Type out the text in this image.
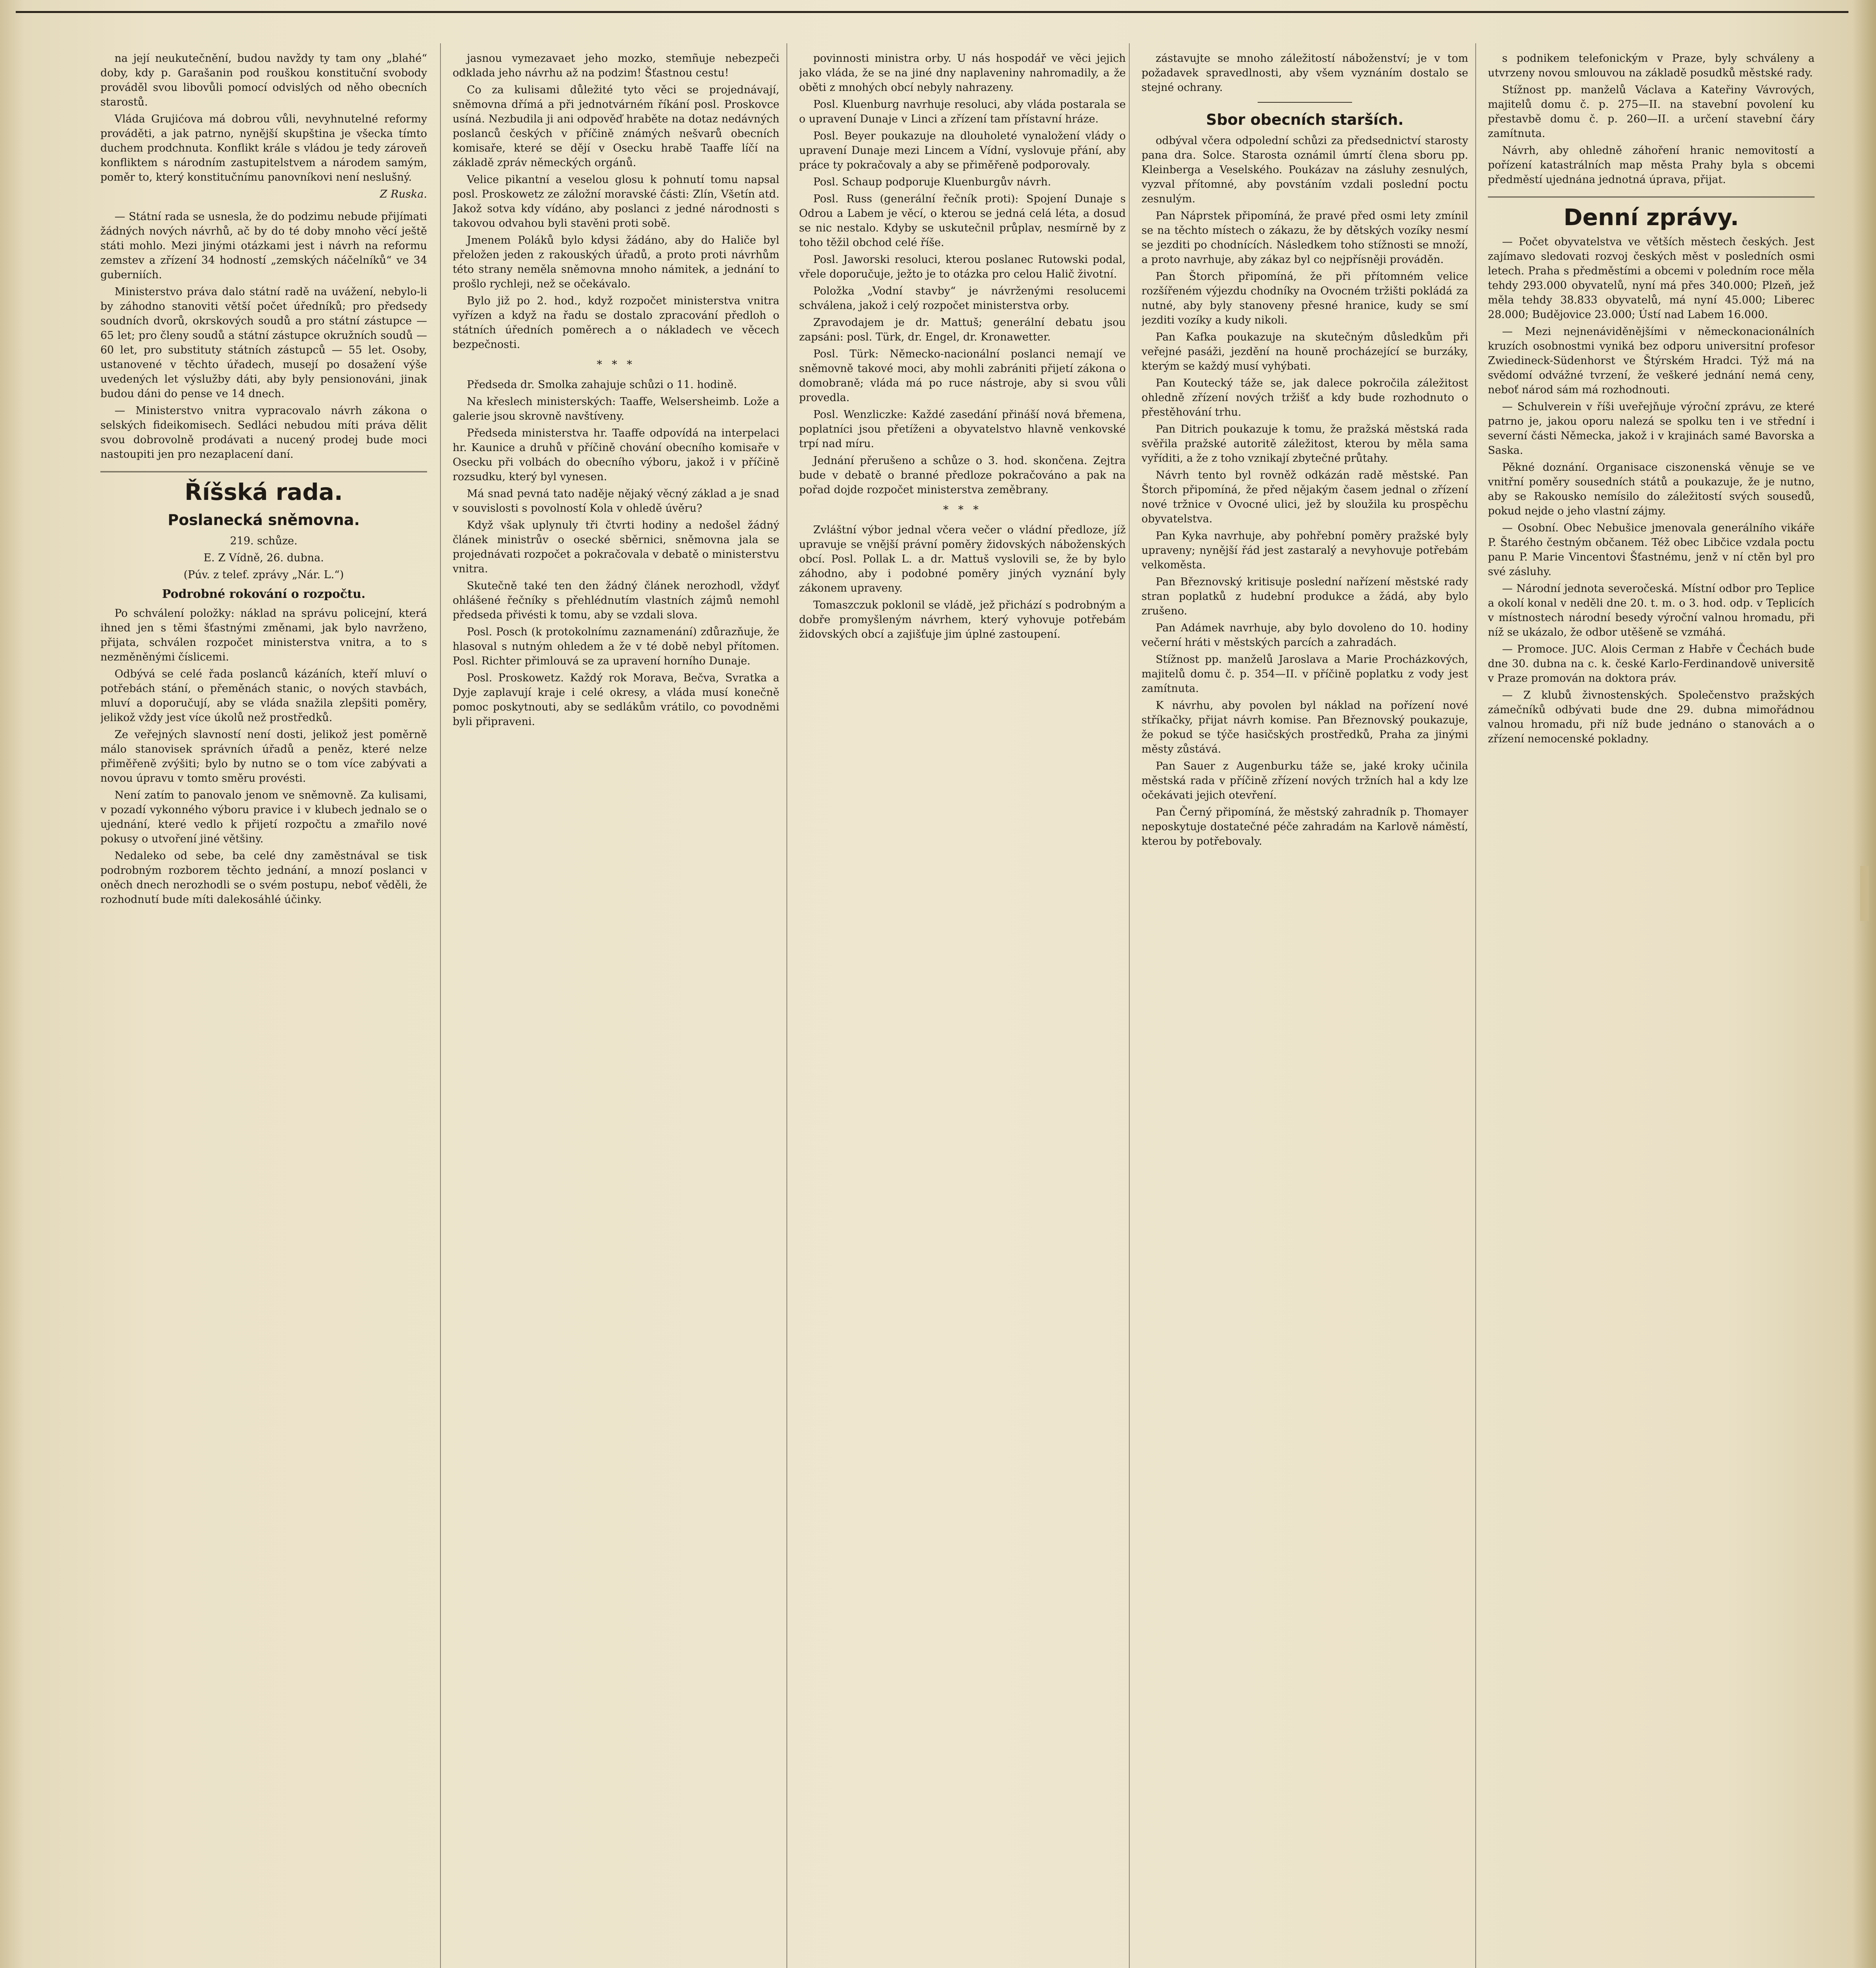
na její neukutečnění, budou navždy ty tam ony „blahé“ doby, kdy p. Garašanin pod rouškou konstituční svobody prováděl svou libovůli pomocí odvislých od něho obecních starostů.

Vláda Grujićova má dobrou vůli, nevyhnutelné reformy prováděti, a jak patrno, nynější skupština je všecka tímto duchem prodchnuta. Konflikt krále s vládou je tedy zároveň konfliktem s národním zastupitelstvem a národem samým, poměr to, který konstitučnímu panovníkovi není neslušný.

Z Ruska.

— Státní rada se usnesla, že do podzimu nebude přijímati žádných nových návrhů, ač by do té doby mnoho věcí ještě státi mohlo. Mezi jinými otázkami jest i návrh na reformu zemstev a zřízení 34 hodností „zemských náčelníků“ ve 34 guberniích.

Ministerstvo práva dalo státní radě na uvážení, nebylo-li by záhodno stanoviti větší počet úředníků; pro předsedy soudních dvorů, okrskových soudů a pro státní zástupce — 65 let; pro členy soudů a státní zástupce okružních soudů — 60 let, pro substituty státních zástupců — 55 let. Osoby, ustanovené v těchto úřadech, musejí po dosažení výše uvedených let výslužby dáti, aby byly pensionováni, jinak budou dáni do pense ve 14 dnech.

— Ministerstvo vnitra vypracovalo návrh zákona o selských fideikomisech. Sedláci nebudou míti práva dělit svou dobrovolně prodávati a nucený prodej bude moci nastoupiti jen pro nezaplacení daní.

Říšská rada.
Poslanecká sněmovna.
219. schůze.
E. Z Vídně, 26. dubna.
(Púv. z telef. zprávy „Nár. L.“)
Podrobné rokování o rozpočtu.

Po schválení položky: náklad na správu policejní, která ihned jen s těmi šťastnými změnami, jak bylo navrženo, přijata, schválen rozpočet ministerstva vnitra, a to s nezměněnými číslicemi.

Odbývá se celé řada poslanců kázáních, kteří mluví o potřebách stání, o přeměnách stanic, o nových stavbách, mluví a doporučují, aby se vláda snažila zlepšiti poměry, jelikož vždy jest více úkolů než prostředků.

Ze veřejných slavností není dosti, jelikož jest poměrně málo stanovisek správních úřadů a peněz, které nelze přiměřeně zvýšiti; bylo by nutno se o tom více zabývati a novou úpravu v tomto směru provésti.

Není zatím to panovalo jenom ve sněmovně. Za kulisami, v pozadí vykonného výboru pravice i v klubech jednalo se o ujednání, které vedlo k přijetí rozpočtu a zmařilo nové pokusy o utvoření jiné většiny.

Nedaleko od sebe, ba celé dny zaměstnával se tisk podrobným rozborem těchto jednání, a mnozí poslanci v oněch dnech nerozhodli se o svém postupu, neboť věděli, že rozhodnutí bude míti dalekosáhlé účinky.

jasnou vymezavaet jeho mozko, stemñuje nebezpeči odklada jeho návrhu až na podzim! Šťastnou cestu!

Co za kulisami důležité tyto věci se projednávají, sněmovna dřímá a při jednotvárném říkání posl. Proskovce usíná. Nezbudila ji ani odpověď hraběte na dotaz nedávných poslanců českých v příčině známých nešvarů obecních komisaře, které se dějí v Osecku hrabě Taaffe líčí na základě zpráv německých orgánů.

Velice pikantní a veselou glosu k pohnutí tomu napsal posl. Proskowetz ze záložní moravské části: Zlín, Všetín atd. Jakož sotva kdy vídáno, aby poslanci z jedné národnosti s takovou odvahou byli stavěni proti sobě.

Jmenem Poláků bylo kdysi žádáno, aby do Haliče byl přeložen jeden z rakouských úřadů, a proto proti návrhům této strany neměla sněmovna mnoho námitek, a jednání to prošlo rychleji, než se očekávalo.

Bylo již po 2. hod., když rozpočet ministerstva vnitra vyřízen a když na řadu se dostalo zpracování předloh o státních úředních poměrech a o nákladech ve věcech bezpečnosti.

* * *

Předseda dr. Smolka zahajuje schůzi o 11. hodině.

Na křeslech ministerských: Taaffe, Welsersheimb. Lože a galerie jsou skrovně navštíveny.

Předseda ministerstva hr. Taaffe odpovídá na interpelaci hr. Kaunice a druhů v příčině chování obecního komisaře v Osecku při volbách do obecního výboru, jakož i v příčině rozsudku, který byl vynesen.

Má snad pevná tato naděje nějaký věcný základ a je snad v souvislosti s povolností Kola v ohledě úvěru?

Když však uplynuly tři čtvrti hodiny a nedošel žádný článek ministrův o osecké sběrnici, sněmovna jala se projednávati rozpočet a pokračovala v debatě o ministerstvu vnitra.

Skutečně také ten den žádný článek nerozhodl, vždyť ohlášené řečníky s přehlédnutím vlastních zájmů nemohl předseda přivésti k tomu, aby se vzdali slova.

Posl. Posch (k protokolnímu zaznamenání) zdůrazňuje, že hlasoval s nutným ohledem a že v té době nebyl přítomen. Posl. Richter přimlouvá se za upravení horního Dunaje.

Posl. Proskowetz. Každý rok Morava, Bečva, Svratka a Dyje zaplavují kraje i celé okresy, a vláda musí konečně pomoc poskytnouti, aby se sedlákům vrátilo, co povodněmi byli připraveni.

povinnosti ministra orby. U nás hospodář ve věci jejich jako vláda, že se na jiné dny naplaveniny nahromadily, a že oběti z mnohých obcí nebyly nahrazeny.

Posl. Kluenburg navrhuje resoluci, aby vláda postarala se o upravení Dunaje v Linci a zřízení tam přístavní hráze.

Posl. Beyer poukazuje na dlouholeté vynaložení vlády o upravení Dunaje mezi Lincem a Vídní, vyslovuje přání, aby práce ty pokračovaly a aby se přiměřeně podporovaly.

Posl. Schaup podporuje Kluenburgův návrh.

Posl. Russ (generální řečník proti): Spojení Dunaje s Odrou a Labem je věcí, o kterou se jedná celá léta, a dosud se nic nestalo. Kdyby se uskutečnil průplav, nesmírně by z toho těžil obchod celé říše.

Posl. Jaworski resoluci, kterou poslanec Rutowski podal, vřele doporučuje, ježto je to otázka pro celou Halič životní.

Položka „Vodní stavby“ je návrženými resolucemi schválena, jakož i celý rozpočet ministerstva orby.

Zpravodajem je dr. Mattuš; generální debatu jsou zapsáni: posl. Türk, dr. Engel, dr. Kronawetter.

Posl. Türk: Německo-nacionální poslanci nemají ve sněmovně takové moci, aby mohli zabrániti přijetí zákona o domobraně; vláda má po ruce nástroje, aby si svou vůli provedla.

Posl. Wenzliczke: Každé zasedání přináší nová břemena, poplatníci jsou přetíženi a obyvatelstvo hlavně venkovské trpí nad míru.

Jednání přerušeno a schůze o 3. hod. skončena. Zejtra bude v debatě o branné předloze pokračováno a pak na pořad dojde rozpočet ministerstva zeměbrany.

* * *

Zvláštní výbor jednal včera večer o vládní předloze, jíž upravuje se vnější právní poměry židovských náboženských obcí. Posl. Pollak L. a dr. Mattuš vyslovili se, že by bylo záhodno, aby i podobné poměry jiných vyznání byly zákonem upraveny.

Tomaszczuk poklonil se vládě, jež přichází s podrobným a dobře promyšleným návrhem, který vyhovuje potřebám židovských obcí a zajišťuje jim úplné zastoupení.

zástavujte se mnoho záležitostí náboženství; je v tom požadavek spravedlnosti, aby všem vyznáním dostalo se stejné ochrany.

Sbor obecních starších.

odbýval včera odpolední schůzi za předsednictví starosty pana dra. Solce. Starosta oznámil úmrtí člena sboru pp. Kleinberga a Veselského. Poukázav na zásluhy zesnulých, vyzval přítomné, aby povstáním vzdali poslední poctu zesnulým.

Pan Náprstek připomíná, že pravé před osmi lety zmínil se na těchto místech o zákazu, že by dětských vozíky nesmí se jezditi po chodnících. Následkem toho stížnosti se množí, a proto navrhuje, aby zákaz byl co nejpřísněji prováděn.

Pan Štorch připomíná, že při přítomném velice rozšířeném výjezdu chodníky na Ovocném tržišti pokládá za nutné, aby byly stanoveny přesné hranice, kudy se smí jezditi vozíky a kudy nikoli.

Pan Kafka poukazuje na skutečným důsledkům při veřejné pasáži, jezdění na houně procházející se burzáky, kterým se každý musí vyhýbati.

Pan Koutecký táže se, jak dalece pokročila záležitost ohledně zřízení nových tržišť a kdy bude rozhodnuto o přestěhování trhu.

Pan Ditrich poukazuje k tomu, že pražská městská rada svěřila pražské autoritě záležitost, kterou by měla sama vyříditi, a že z toho vznikají zbytečné průtahy.

Návrh tento byl rovněž odkázán radě městské. Pan Štorch připomíná, že před nějakým časem jednal o zřízení nové tržnice v Ovocné ulici, jež by sloužila ku prospěchu obyvatelstva.

Pan Kyka navrhuje, aby pohřební poměry pražské byly upraveny; nynější řád jest zastaralý a nevyhovuje potřebám velkoměsta.

Pan Březnovský kritisuje poslední nařízení městské rady stran poplatků z hudební produkce a žádá, aby bylo zrušeno.

Pan Adámek navrhuje, aby bylo dovoleno do 10. hodiny večerní hráti v městských parcích a zahradách.

Stížnost pp. manželů Jaroslava a Marie Procházkových, majitelů domu č. p. 354—II. v příčině poplatku z vody jest zamítnuta.

K návrhu, aby povolen byl náklad na pořízení nové stříkačky, přijat návrh komise. Pan Březnovský poukazuje, že pokud se týče hasičských prostředků, Praha za jinými městy zůstává.

Pan Sauer z Augenburku táže se, jaké kroky učinila městská rada v příčině zřízení nových tržních hal a kdy lze očekávati jejich otevření.

Pan Černý připomíná, že městský zahradník p. Thomayer neposkytuje dostatečné péče zahradám na Karlově náměstí, kterou by potřebovaly.

s podnikem telefonickým v Praze, byly schváleny a utvrzeny novou smlouvou na základě posudků městské rady.

Stížnost pp. manželů Václava a Kateřiny Vávrových, majitelů domu č. p. 275—II. na stavební povolení ku přestavbě domu č. p. 260—II. a určení stavební čáry zamítnuta.

Návrh, aby ohledně záhoření hranic nemovitostí a pořízení katastrálních map města Prahy byla s obcemi předměstí ujednána jednotná úprava, přijat.

Denní zprávy.

— Počet obyvatelstva ve větších městech českých. Jest zajímavo sledovati rozvoj českých měst v posledních osmi letech. Praha s předměstími a obcemi v poledním roce měla tehdy 293.000 obyvatelů, nyní má přes 340.000; Plzeň, jež měla tehdy 38.833 obyvatelů, má nyní 45.000; Liberec 28.000; Budějovice 23.000; Ústí nad Labem 16.000.

— Mezi nejnenáviděnějšími v německonacionálních kruzích osobnostmi vyniká bez odporu universitní profesor Zwiedineck-Südenhorst ve Štýrském Hradci. Týž má na svědomí odvážné tvrzení, že veškeré jednání nemá ceny, neboť národ sám má rozhodnouti.

— Schulverein v říši uveřejňuje výroční zprávu, ze které patrno je, jakou oporu nalezá se spolku ten i ve střední i severní části Německa, jakož i v krajinách samé Bavorska a Saska.

Pěkné doznání. Organisace ciszonenská věnuje se ve vnitřní poměry sousedních států a poukazuje, že je nutno, aby se Rakousko nemísilo do záležitostí svých sousedů, pokud nejde o jeho vlastní zájmy.

— Osobní. Obec Nebušice jmenovala generálního vikáře P. Štarého čestným občanem. Též obec Libčice vzdala poctu panu P. Marie Vincentovi Šťastnému, jenž v ní ctěn byl pro své zásluhy.

— Národní jednota severočeská. Místní odbor pro Teplice a okolí konal v neděli dne 20. t. m. o 3. hod. odp. v Teplicích v místnostech národní besedy výroční valnou hromadu, při níž se ukázalo, že odbor utěšeně se vzmáhá.

— Promoce. JUC. Alois Cerman z Habře v Čechách bude dne 30. dubna na c. k. české Karlo-Ferdinandově universitě v Praze promován na doktora práv.

— Z klubů živnostenských. Společenstvo pražských zámečníků odbývati bude dne 29. dubna mimořádnou valnou hromadu, při níž bude jednáno o stanovách a o zřízení nemocenské pokladny.
